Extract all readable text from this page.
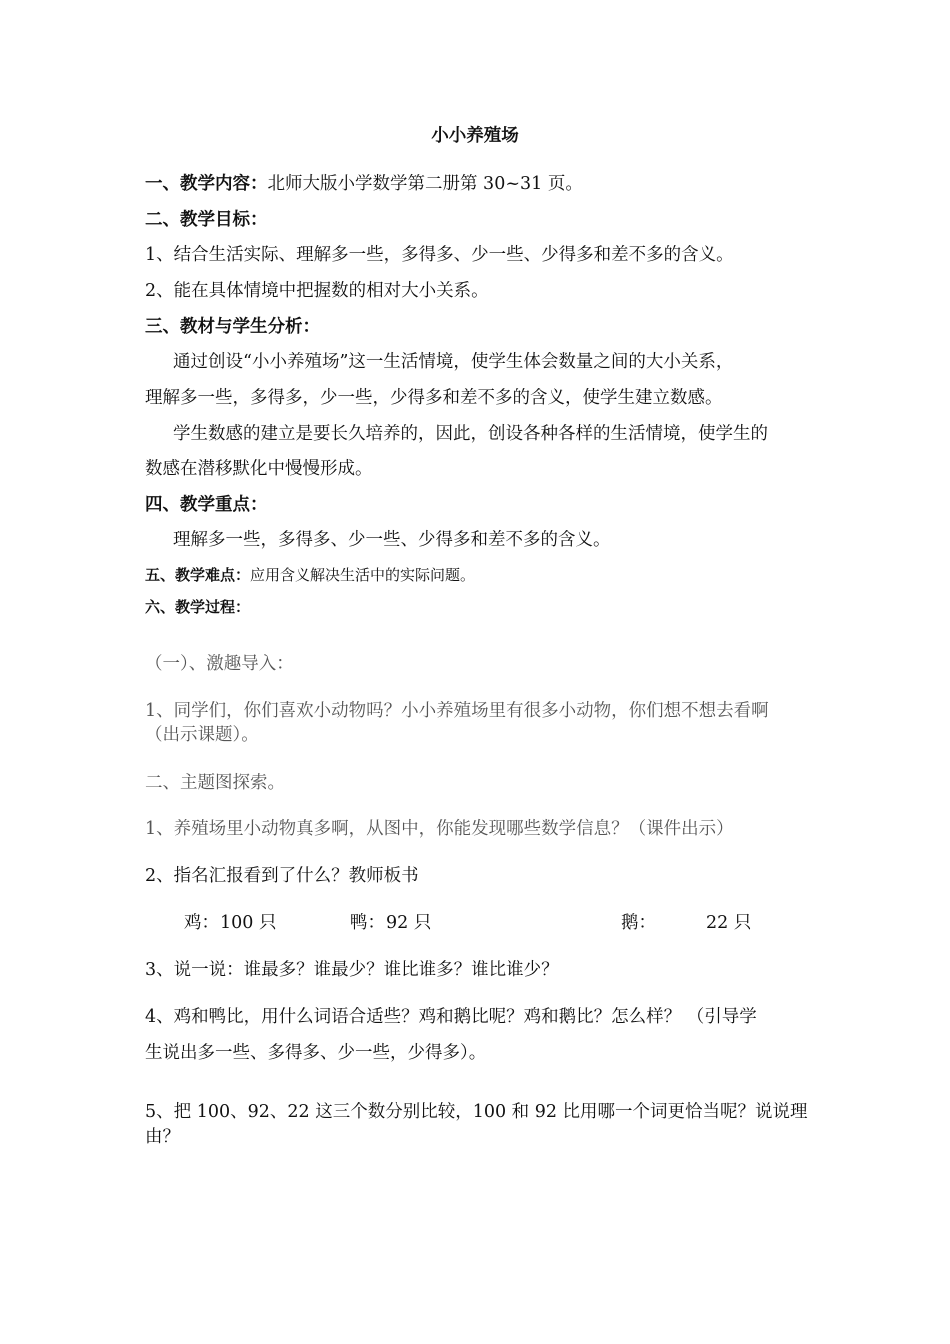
小小养殖场
一、教学内容：北师大版小学数学第二册第 30~31 页。
二、教学目标：
1、结合生活实际、理解多一些，多得多、少一些、少得多和差不多的含义。
2、能在具体情境中把握数的相对大小关系。
三、教材与学生分析：
通过创设“小小养殖场”这一生活情境，使学生体会数量之间的大小关系，
理解多一些，多得多，少一些，少得多和差不多的含义，使学生建立数感。
学生数感的建立是要长久培养的，因此，创设各种各样的生活情境，使学生的
数感在潜移默化中慢慢形成。
四、教学重点：
理解多一些，多得多、少一些、少得多和差不多的含义。
五、教学难点：应用含义解决生活中的实际问题。
六、教学过程：
（一）、激趣导入：
1、同学们，你们喜欢小动物吗？小小养殖场里有很多小动物，你们想不想去看啊
（出示课题）。
二、主题图探索。
1、养殖场里小动物真多啊，从图中，你能发现哪些数学信息？（课件出示）
2、指名汇报看到了什么？教师板书
鸡： 100 只	鸭： 92 只	鹅：	22 只
3、说一说：谁最多？谁最少？谁比谁多？谁比谁少？
4、鸡和鸭比，用什么词语合适些？鸡和鹅比呢？鸡和鹅比？怎么样？ （引导学
生说出多一些、多得多、少一些，少得多）。
5、把 100、92、22 这三个数分别比较，100 和 92 比用哪一个词更恰当呢？说说理
由？
